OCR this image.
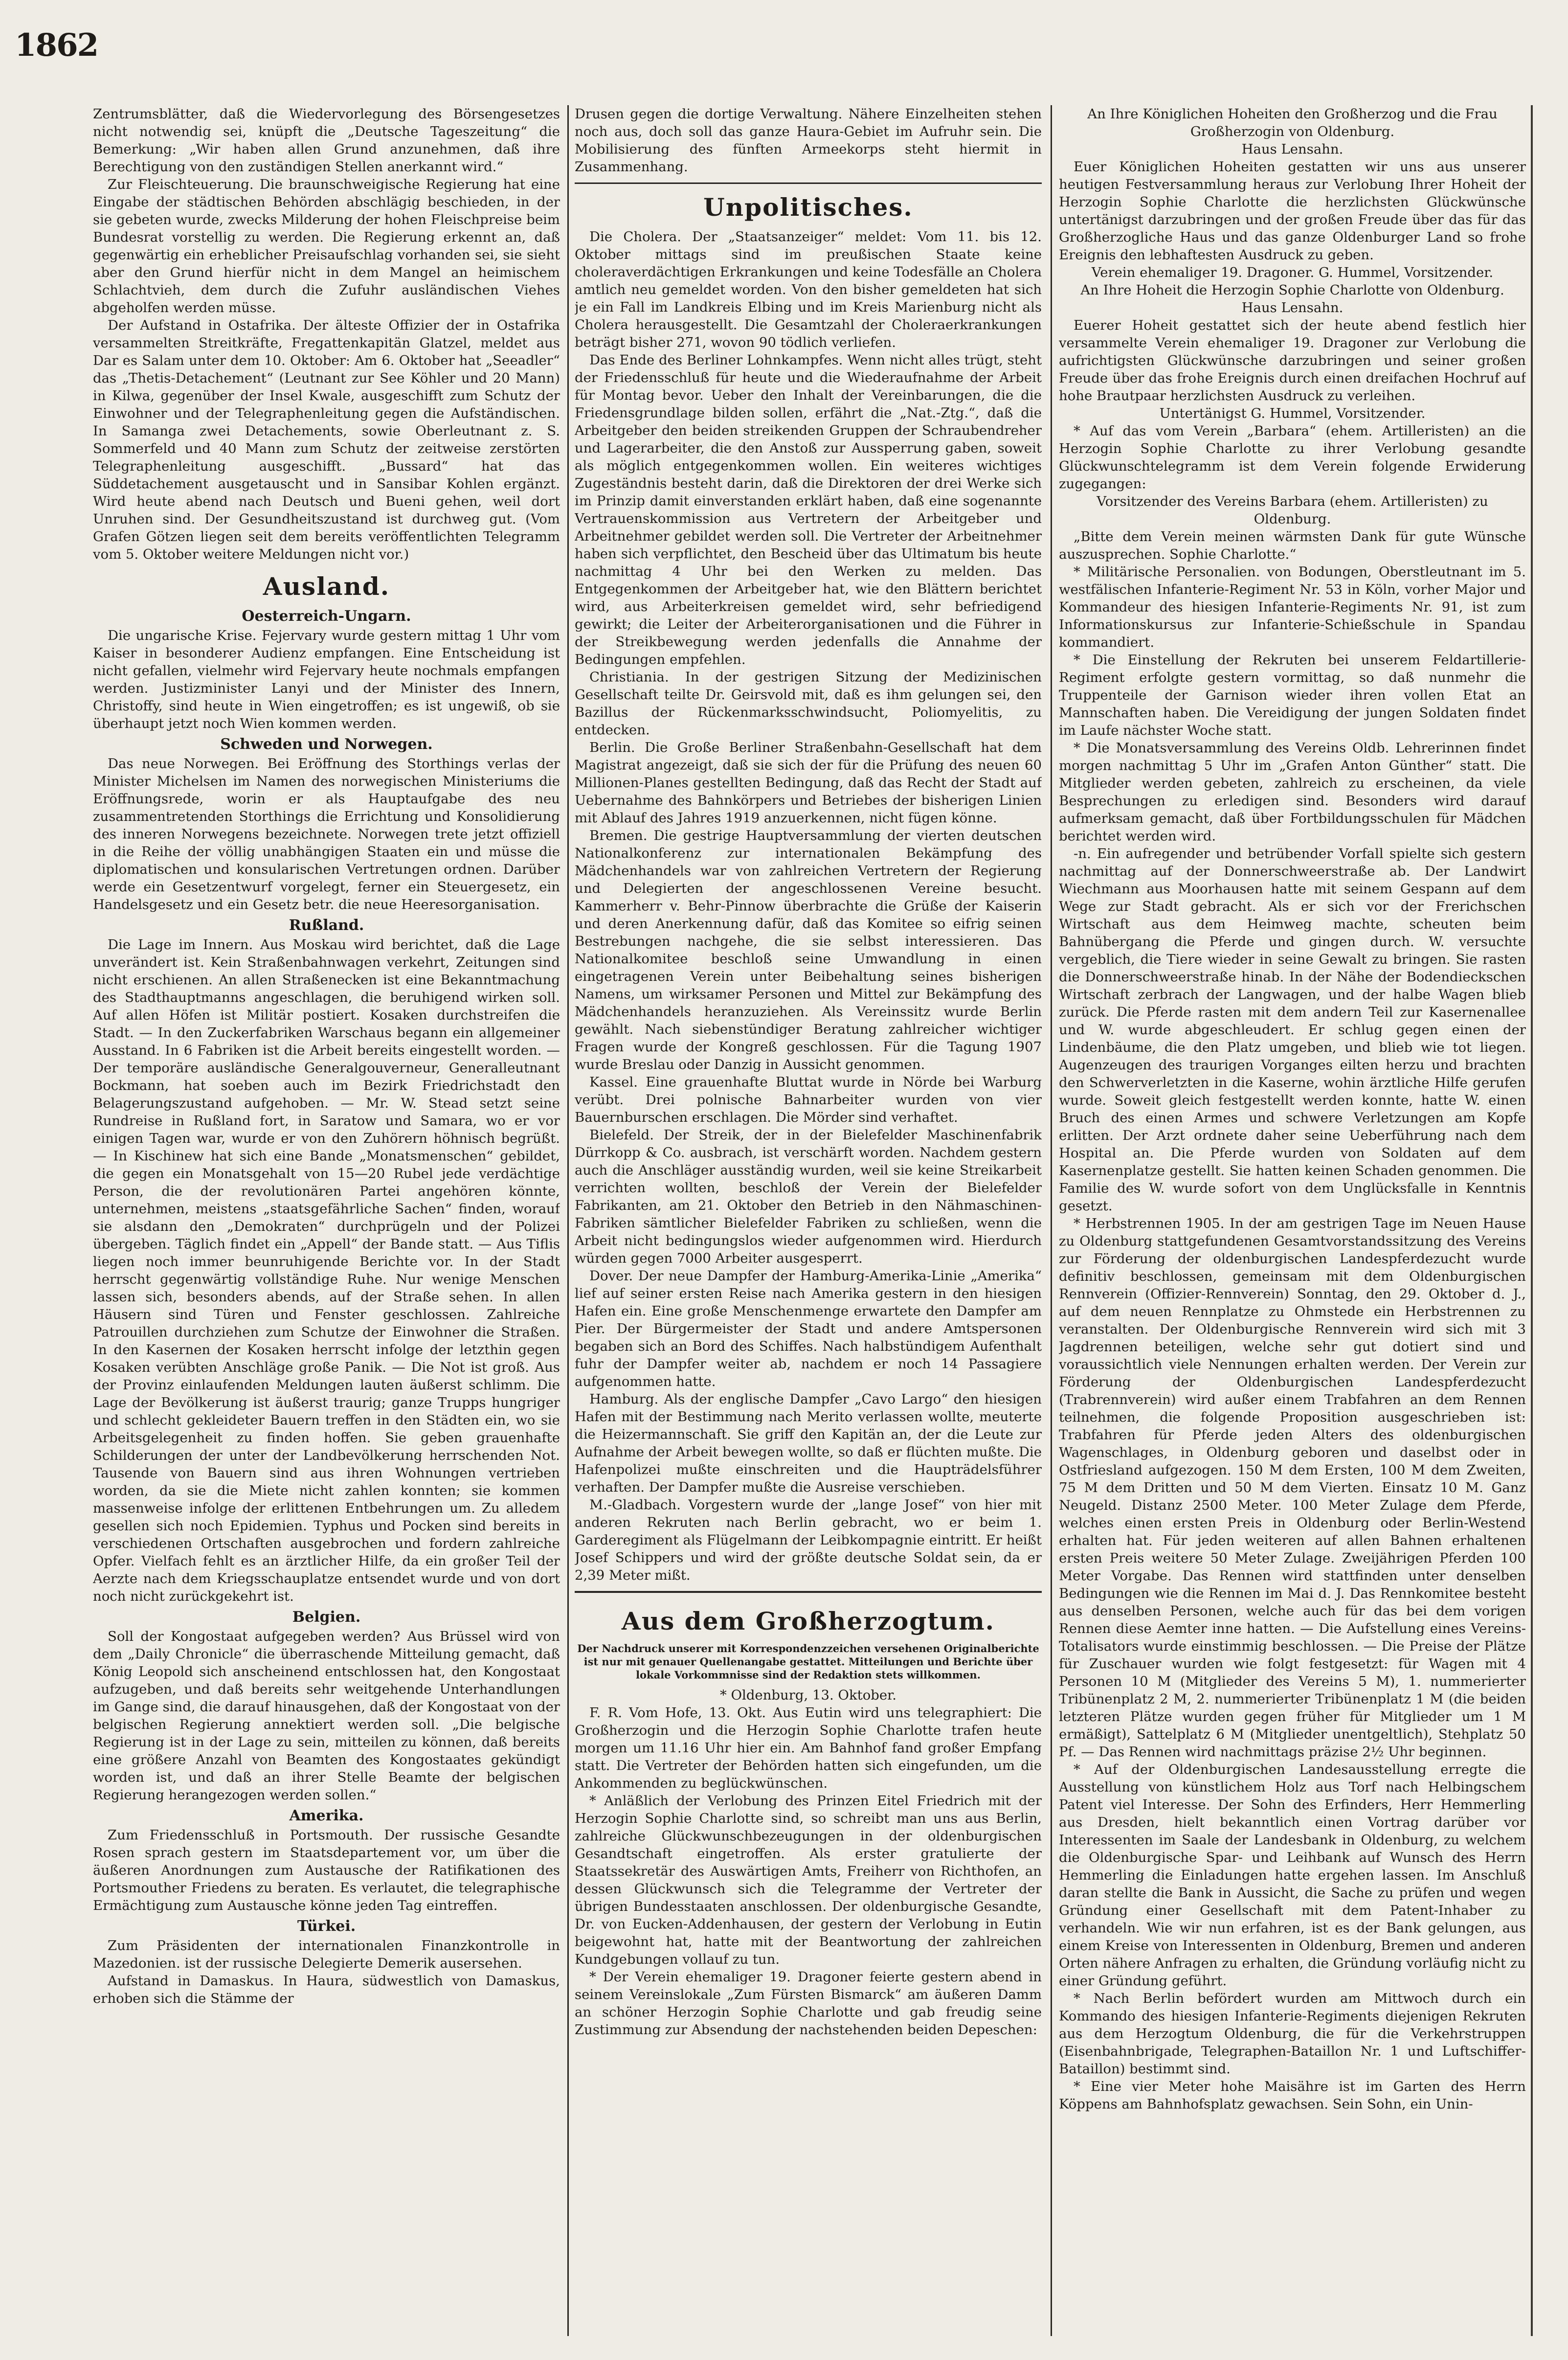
1862

Zentrumsblätter, daß die Wiedervorlegung des Börsengesetzes nicht notwendig sei, knüpft die „Deutsche Tageszeitung“ die Bemerkung: „Wir haben allen Grund anzunehmen, daß ihre Berechtigung von den zuständigen Stellen anerkannt wird.“

Zur Fleischteuerung. Die braunschweigische Regierung hat eine Eingabe der städtischen Behörden abschlägig beschieden, in der sie gebeten wurde, zwecks Milderung der hohen Fleischpreise beim Bundesrat vorstellig zu werden. Die Regierung erkennt an, daß gegenwärtig ein erheblicher Preisaufschlag vorhanden sei, sie sieht aber den Grund hierfür nicht in dem Mangel an heimischem Schlachtvieh, dem durch die Zufuhr ausländischen Viehes abgeholfen werden müsse.

Der Aufstand in Ostafrika. Der älteste Offizier der in Ostafrika versammelten Streitkräfte, Fregattenkapitän Glatzel, meldet aus Dar es Salam unter dem 10. Oktober: Am 6. Oktober hat „Seeadler“ das „Thetis-Detachement“ (Leutnant zur See Köhler und 20 Mann) in Kilwa, gegenüber der Insel Kwale, ausgeschifft zum Schutz der Einwohner und der Telegraphenleitung gegen die Aufständischen. In Samanga zwei Detachements, sowie Oberleutnant z. S. Sommerfeld und 40 Mann zum Schutz der zeitweise zerstörten Telegraphenleitung ausgeschifft. „Bussard“ hat das Süddetachement ausgetauscht und in Sansibar Kohlen ergänzt. Wird heute abend nach Deutsch und Bueni gehen, weil dort Unruhen sind. Der Gesundheitszustand ist durchweg gut. (Vom Grafen Götzen liegen seit dem bereits veröffentlichten Telegramm vom 5. Oktober weitere Meldungen nicht vor.)

Ausland.
Oesterreich-Ungarn.

Die ungarische Krise. Fejervary wurde gestern mittag 1 Uhr vom Kaiser in besonderer Audienz empfangen. Eine Entscheidung ist nicht gefallen, vielmehr wird Fejervary heute nochmals empfangen werden. Justizminister Lanyi und der Minister des Innern, Christoffy, sind heute in Wien eingetroffen; es ist ungewiß, ob sie überhaupt jetzt noch Wien kommen werden.

Schweden und Norwegen.

Das neue Norwegen. Bei Eröffnung des Storthings verlas der Minister Michelsen im Namen des norwegischen Ministeriums die Eröffnungsrede, worin er als Hauptaufgabe des neu zusammentretenden Storthings die Errichtung und Konsolidierung des inneren Norwegens bezeichnete. Norwegen trete jetzt offiziell in die Reihe der völlig unabhängigen Staaten ein und müsse die diplomatischen und konsularischen Vertretungen ordnen. Darüber werde ein Gesetzentwurf vorgelegt, ferner ein Steuergesetz, ein Handelsgesetz und ein Gesetz betr. die neue Heeresorganisation.

Rußland.

Die Lage im Innern. Aus Moskau wird berichtet, daß die Lage unverändert ist. Kein Straßenbahnwagen verkehrt, Zeitungen sind nicht erschienen. An allen Straßenecken ist eine Bekanntmachung des Stadthauptmanns angeschlagen, die beruhigend wirken soll. Auf allen Höfen ist Militär postiert. Kosaken durchstreifen die Stadt. — In den Zuckerfabriken Warschaus begann ein allgemeiner Ausstand. In 6 Fabriken ist die Arbeit bereits eingestellt worden. — Der temporäre ausländische Generalgouverneur, Generalleutnant Bockmann, hat soeben auch im Bezirk Friedrichstadt den Belagerungszustand aufgehoben. — Mr. W. Stead setzt seine Rundreise in Rußland fort, in Saratow und Samara, wo er vor einigen Tagen war, wurde er von den Zuhörern höhnisch begrüßt. — In Kischinew hat sich eine Bande „Monatsmenschen“ gebildet, die gegen ein Monatsgehalt von 15—20 Rubel jede verdächtige Person, die der revolutionären Partei angehören könnte, unternehmen, meistens „staatsgefährliche Sachen“ finden, worauf sie alsdann den „Demokraten“ durchprügeln und der Polizei übergeben. Täglich findet ein „Appell“ der Bande statt. — Aus Tiflis liegen noch immer beunruhigende Berichte vor. In der Stadt herrscht gegenwärtig vollständige Ruhe. Nur wenige Menschen lassen sich, besonders abends, auf der Straße sehen. In allen Häusern sind Türen und Fenster geschlossen. Zahlreiche Patrouillen durchziehen zum Schutze der Einwohner die Straßen. In den Kasernen der Kosaken herrscht infolge der letzthin gegen Kosaken verübten Anschläge große Panik. — Die Not ist groß. Aus der Provinz einlaufenden Meldungen lauten äußerst schlimm. Die Lage der Bevölkerung ist äußerst traurig; ganze Trupps hungriger und schlecht gekleideter Bauern treffen in den Städten ein, wo sie Arbeitsgelegenheit zu finden hoffen. Sie geben grauenhafte Schilderungen der unter der Landbevölkerung herrschenden Not. Tausende von Bauern sind aus ihren Wohnungen vertrieben worden, da sie die Miete nicht zahlen konnten; sie kommen massenweise infolge der erlittenen Entbehrungen um. Zu alledem gesellen sich noch Epidemien. Typhus und Pocken sind bereits in verschiedenen Ortschaften ausgebrochen und fordern zahlreiche Opfer. Vielfach fehlt es an ärztlicher Hilfe, da ein großer Teil der Aerzte nach dem Kriegsschauplatze entsendet wurde und von dort noch nicht zurückgekehrt ist.

Belgien.

Soll der Kongostaat aufgegeben werden? Aus Brüssel wird von dem „Daily Chronicle“ die überraschende Mitteilung gemacht, daß König Leopold sich anscheinend entschlossen hat, den Kongostaat aufzugeben, und daß bereits sehr weitgehende Unterhandlungen im Gange sind, die darauf hinausgehen, daß der Kongostaat von der belgischen Regierung annektiert werden soll. „Die belgische Regierung ist in der Lage zu sein, mitteilen zu können, daß bereits eine größere Anzahl von Beamten des Kongostaates gekündigt worden ist, und daß an ihrer Stelle Beamte der belgischen Regierung herangezogen werden sollen.“

Amerika.

Zum Friedensschluß in Portsmouth. Der russische Gesandte Rosen sprach gestern im Staatsdepartement vor, um über die äußeren Anordnungen zum Austausche der Ratifikationen des Portsmouther Friedens zu beraten. Es verlautet, die telegraphische Ermächtigung zum Austausche könne jeden Tag eintreffen.

Türkei.

Zum Präsidenten der internationalen Finanzkontrolle in Mazedonien. ist der russische Delegierte Demerik ausersehen.

Aufstand in Damaskus. In Haura, südwestlich von Damaskus, erhoben sich die Stämme der

Drusen gegen die dortige Verwaltung. Nähere Einzelheiten stehen noch aus, doch soll das ganze Haura-Gebiet im Aufruhr sein. Die Mobilisierung des fünften Armeekorps steht hiermit in Zusammenhang.

Unpolitisches.

Die Cholera. Der „Staatsanzeiger“ meldet: Vom 11. bis 12. Oktober mittags sind im preußischen Staate keine choleraverdächtigen Erkrankungen und keine Todesfälle an Cholera amtlich neu gemeldet worden. Von den bisher gemeldeten hat sich je ein Fall im Landkreis Elbing und im Kreis Marienburg nicht als Cholera herausgestellt. Die Gesamtzahl der Choleraerkrankungen beträgt bisher 271, wovon 90 tödlich verliefen.

Das Ende des Berliner Lohnkampfes. Wenn nicht alles trügt, steht der Friedensschluß für heute und die Wiederaufnahme der Arbeit für Montag bevor. Ueber den Inhalt der Vereinbarungen, die die Friedensgrundlage bilden sollen, erfährt die „Nat.-Ztg.“, daß die Arbeitgeber den beiden streikenden Gruppen der Schraubendreher und Lagerarbeiter, die den Anstoß zur Aussperrung gaben, soweit als möglich entgegenkommen wollen. Ein weiteres wichtiges Zugeständnis besteht darin, daß die Direktoren der drei Werke sich im Prinzip damit einverstanden erklärt haben, daß eine sogenannte Vertrauenskommission aus Vertretern der Arbeitgeber und Arbeitnehmer gebildet werden soll. Die Vertreter der Arbeitnehmer haben sich verpflichtet, den Bescheid über das Ultimatum bis heute nachmittag 4 Uhr bei den Werken zu melden. Das Entgegenkommen der Arbeitgeber hat, wie den Blättern berichtet wird, aus Arbeiterkreisen gemeldet wird, sehr befriedigend gewirkt; die Leiter der Arbeiterorganisationen und die Führer in der Streikbewegung werden jedenfalls die Annahme der Bedingungen empfehlen.

Christiania. In der gestrigen Sitzung der Medizinischen Gesellschaft teilte Dr. Geirsvold mit, daß es ihm gelungen sei, den Bazillus der Rückenmarksschwindsucht, Poliomyelitis, zu entdecken.

Berlin. Die Große Berliner Straßenbahn-Gesellschaft hat dem Magistrat angezeigt, daß sie sich der für die Prüfung des neuen 60 Millionen-Planes gestellten Bedingung, daß das Recht der Stadt auf Uebernahme des Bahnkörpers und Betriebes der bisherigen Linien mit Ablauf des Jahres 1919 anzuerkennen, nicht fügen könne.

Bremen. Die gestrige Hauptversammlung der vierten deutschen Nationalkonferenz zur internationalen Bekämpfung des Mädchenhandels war von zahlreichen Vertretern der Regierung und Delegierten der angeschlossenen Vereine besucht. Kammerherr v. Behr-Pinnow überbrachte die Grüße der Kaiserin und deren Anerkennung dafür, daß das Komitee so eifrig seinen Bestrebungen nachgehe, die sie selbst interessieren. Das Nationalkomitee beschloß seine Umwandlung in einen eingetragenen Verein unter Beibehaltung seines bisherigen Namens, um wirksamer Personen und Mittel zur Bekämpfung des Mädchenhandels heranzuziehen. Als Vereinssitz wurde Berlin gewählt. Nach siebenstündiger Beratung zahlreicher wichtiger Fragen wurde der Kongreß geschlossen. Für die Tagung 1907 wurde Breslau oder Danzig in Aussicht genommen.

Kassel. Eine grauenhafte Bluttat wurde in Nörde bei Warburg verübt. Drei polnische Bahnarbeiter wurden von vier Bauernburschen erschlagen. Die Mörder sind verhaftet.

Bielefeld. Der Streik, der in der Bielefelder Maschinenfabrik Dürrkopp & Co. ausbrach, ist verschärft worden. Nachdem gestern auch die Anschläger ausständig wurden, weil sie keine Streikarbeit verrichten wollten, beschloß der Verein der Bielefelder Fabrikanten, am 21. Oktober den Betrieb in den Nähmaschinen-Fabriken sämtlicher Bielefelder Fabriken zu schließen, wenn die Arbeit nicht bedingungslos wieder aufgenommen wird. Hierdurch würden gegen 7000 Arbeiter ausgesperrt.

Dover. Der neue Dampfer der Hamburg-Amerika-Linie „Amerika“ lief auf seiner ersten Reise nach Amerika gestern in den hiesigen Hafen ein. Eine große Menschenmenge erwartete den Dampfer am Pier. Der Bürgermeister der Stadt und andere Amtspersonen begaben sich an Bord des Schiffes. Nach halbstündigem Aufenthalt fuhr der Dampfer weiter ab, nachdem er noch 14 Passagiere aufgenommen hatte.

Hamburg. Als der englische Dampfer „Cavo Largo“ den hiesigen Hafen mit der Bestimmung nach Merito verlassen wollte, meuterte die Heizermannschaft. Sie griff den Kapitän an, der die Leute zur Aufnahme der Arbeit bewegen wollte, so daß er flüchten mußte. Die Hafenpolizei mußte einschreiten und die Haupträdelsführer verhaften. Der Dampfer mußte die Ausreise verschieben.

M.-Gladbach. Vorgestern wurde der „lange Josef“ von hier mit anderen Rekruten nach Berlin gebracht, wo er beim 1. Garderegiment als Flügelmann der Leibkompagnie eintritt. Er heißt Josef Schippers und wird der größte deutsche Soldat sein, da er 2,39 Meter mißt.

Aus dem Großherzogtum.
Der Nachdruck unserer mit Korrespondenzzeichen versehenen Originalberichte ist nur mit genauer Quellenangabe gestattet. Mitteilungen und Berichte über lokale Vorkommnisse sind der Redaktion stets willkommen.

* Oldenburg, 13. Oktober.

F. R. Vom Hofe, 13. Okt. Aus Eutin wird uns telegraphiert: Die Großherzogin und die Herzogin Sophie Charlotte trafen heute morgen um 11.16 Uhr hier ein. Am Bahnhof fand großer Empfang statt. Die Vertreter der Behörden hatten sich eingefunden, um die Ankommenden zu beglückwünschen.

* Anläßlich der Verlobung des Prinzen Eitel Friedrich mit der Herzogin Sophie Charlotte sind, so schreibt man uns aus Berlin, zahlreiche Glückwunschbezeugungen in der oldenburgischen Gesandtschaft eingetroffen. Als erster gratulierte der Staatssekretär des Auswärtigen Amts, Freiherr von Richthofen, an dessen Glückwunsch sich die Telegramme der Vertreter der übrigen Bundesstaaten anschlossen. Der oldenburgische Gesandte, Dr. von Eucken-Addenhausen, der gestern der Verlobung in Eutin beigewohnt hat, hatte mit der Beantwortung der zahlreichen Kundgebungen vollauf zu tun.

* Der Verein ehemaliger 19. Dragoner feierte gestern abend in seinem Vereinslokale „Zum Fürsten Bismarck“ am äußeren Damm an schöner Herzogin Sophie Charlotte und gab freudig seine Zustimmung zur Absendung der nachstehenden beiden Depeschen:

An Ihre Königlichen Hoheiten den Großherzog und die Frau Großherzogin von Oldenburg.

Haus Lensahn.

Euer Königlichen Hoheiten gestatten wir uns aus unserer heutigen Festversammlung heraus zur Verlobung Ihrer Hoheit der Herzogin Sophie Charlotte die herzlichsten Glückwünsche untertänigst darzubringen und der großen Freude über das für das Großherzogliche Haus und das ganze Oldenburger Land so frohe Ereignis den lebhaftesten Ausdruck zu geben.

Verein ehemaliger 19. Dragoner. G. Hummel, Vorsitzender.

An Ihre Hoheit die Herzogin Sophie Charlotte von Oldenburg.

Haus Lensahn.

Euerer Hoheit gestattet sich der heute abend festlich hier versammelte Verein ehemaliger 19. Dragoner zur Verlobung die aufrichtigsten Glückwünsche darzubringen und seiner großen Freude über das frohe Ereignis durch einen dreifachen Hochruf auf hohe Brautpaar herzlichsten Ausdruck zu verleihen.

Untertänigst G. Hummel, Vorsitzender.

* Auf das vom Verein „Barbara“ (ehem. Artilleristen) an die Herzogin Sophie Charlotte zu ihrer Verlobung gesandte Glückwunschtelegramm ist dem Verein folgende Erwiderung zugegangen:

Vorsitzender des Vereins Barbara (ehem. Artilleristen) zu Oldenburg.

„Bitte dem Verein meinen wärmsten Dank für gute Wünsche auszusprechen. Sophie Charlotte.“

* Militärische Personalien. von Bodungen, Oberstleutnant im 5. westfälischen Infanterie-Regiment Nr. 53 in Köln, vorher Major und Kommandeur des hiesigen Infanterie-Regiments Nr. 91, ist zum Informationskursus zur Infanterie-Schießschule in Spandau kommandiert.

* Die Einstellung der Rekruten bei unserem Feldartillerie-Regiment erfolgte gestern vormittag, so daß nunmehr die Truppenteile der Garnison wieder ihren vollen Etat an Mannschaften haben. Die Vereidigung der jungen Soldaten findet im Laufe nächster Woche statt.

* Die Monatsversammlung des Vereins Oldb. Lehrerinnen findet morgen nachmittag 5 Uhr im „Grafen Anton Günther“ statt. Die Mitglieder werden gebeten, zahlreich zu erscheinen, da viele Besprechungen zu erledigen sind. Besonders wird darauf aufmerksam gemacht, daß über Fortbildungsschulen für Mädchen berichtet werden wird.

-n. Ein aufregender und betrübender Vorfall spielte sich gestern nachmittag auf der Donnerschweerstraße ab. Der Landwirt Wiechmann aus Moorhausen hatte mit seinem Gespann auf dem Wege zur Stadt gebracht. Als er sich vor der Frerichschen Wirtschaft aus dem Heimweg machte, scheuten beim Bahnübergang die Pferde und gingen durch. W. versuchte vergeblich, die Tiere wieder in seine Gewalt zu bringen. Sie rasten die Donnerschweerstraße hinab. In der Nähe der Bodendieckschen Wirtschaft zerbrach der Langwagen, und der halbe Wagen blieb zurück. Die Pferde rasten mit dem andern Teil zur Kasernenallee und W. wurde abgeschleudert. Er schlug gegen einen der Lindenbäume, die den Platz umgeben, und blieb wie tot liegen. Augenzeugen des traurigen Vorganges eilten herzu und brachten den Schwerverletzten in die Kaserne, wohin ärztliche Hilfe gerufen wurde. Soweit gleich festgestellt werden konnte, hatte W. einen Bruch des einen Armes und schwere Verletzungen am Kopfe erlitten. Der Arzt ordnete daher seine Ueberführung nach dem Hospital an. Die Pferde wurden von Soldaten auf dem Kasernenplatze gestellt. Sie hatten keinen Schaden genommen. Die Familie des W. wurde sofort von dem Unglücksfalle in Kenntnis gesetzt.

* Herbstrennen 1905. In der am gestrigen Tage im Neuen Hause zu Oldenburg stattgefundenen Gesamtvorstandssitzung des Vereins zur Förderung der oldenburgischen Landespferdezucht wurde definitiv beschlossen, gemeinsam mit dem Oldenburgischen Rennverein (Offizier-Rennverein) Sonntag, den 29. Oktober d. J., auf dem neuen Rennplatze zu Ohmstede ein Herbstrennen zu veranstalten. Der Oldenburgische Rennverein wird sich mit 3 Jagdrennen beteiligen, welche sehr gut dotiert sind und voraussichtlich viele Nennungen erhalten werden. Der Verein zur Förderung der Oldenburgischen Landespferdezucht (Trabrennverein) wird außer einem Trabfahren an dem Rennen teilnehmen, die folgende Proposition ausgeschrieben ist: Trabfahren für Pferde jeden Alters des oldenburgischen Wagenschlages, in Oldenburg geboren und daselbst oder in Ostfriesland aufgezogen. 150 M dem Ersten, 100 M dem Zweiten, 75 M dem Dritten und 50 M dem Vierten. Einsatz 10 M. Ganz Neugeld. Distanz 2500 Meter. 100 Meter Zulage dem Pferde, welches einen ersten Preis in Oldenburg oder Berlin-Westend erhalten hat. Für jeden weiteren auf allen Bahnen erhaltenen ersten Preis weitere 50 Meter Zulage. Zweijährigen Pferden 100 Meter Vorgabe. Das Rennen wird stattfinden unter denselben Bedingungen wie die Rennen im Mai d. J. Das Rennkomitee besteht aus denselben Personen, welche auch für das bei dem vorigen Rennen diese Aemter inne hatten. — Die Aufstellung eines Vereins-Totalisators wurde einstimmig beschlossen. — Die Preise der Plätze für Zuschauer wurden wie folgt festgesetzt: für Wagen mit 4 Personen 10 M (Mitglieder des Vereins 5 M), 1. nummerierter Tribünenplatz 2 M, 2. nummerierter Tribünenplatz 1 M (die beiden letzteren Plätze wurden gegen früher für Mitglieder um 1 M ermäßigt), Sattelplatz 6 M (Mitglieder unentgeltlich), Stehplatz 50 Pf. — Das Rennen wird nachmittags präzise 2½ Uhr beginnen.

* Auf der Oldenburgischen Landesausstellung erregte die Ausstellung von künstlichem Holz aus Torf nach Helbingschem Patent viel Interesse. Der Sohn des Erfinders, Herr Hemmerling aus Dresden, hielt bekanntlich einen Vortrag darüber vor Interessenten im Saale der Landesbank in Oldenburg, zu welchem die Oldenburgische Spar- und Leihbank auf Wunsch des Herrn Hemmerling die Einladungen hatte ergehen lassen. Im Anschluß daran stellte die Bank in Aussicht, die Sache zu prüfen und wegen Gründung einer Gesellschaft mit dem Patent-Inhaber zu verhandeln. Wie wir nun erfahren, ist es der Bank gelungen, aus einem Kreise von Interessenten in Oldenburg, Bremen und anderen Orten nähere Anfragen zu erhalten, die Gründung vorläufig nicht zu einer Gründung geführt.

* Nach Berlin befördert wurden am Mittwoch durch ein Kommando des hiesigen Infanterie-Regiments diejenigen Rekruten aus dem Herzogtum Oldenburg, die für die Verkehrstruppen (Eisenbahnbrigade, Telegraphen-Bataillon Nr. 1 und Luftschiffer-Bataillon) bestimmt sind.

* Eine vier Meter hohe Maisähre ist im Garten des Herrn Köppens am Bahnhofsplatz gewachsen. Sein Sohn, ein Unin-
